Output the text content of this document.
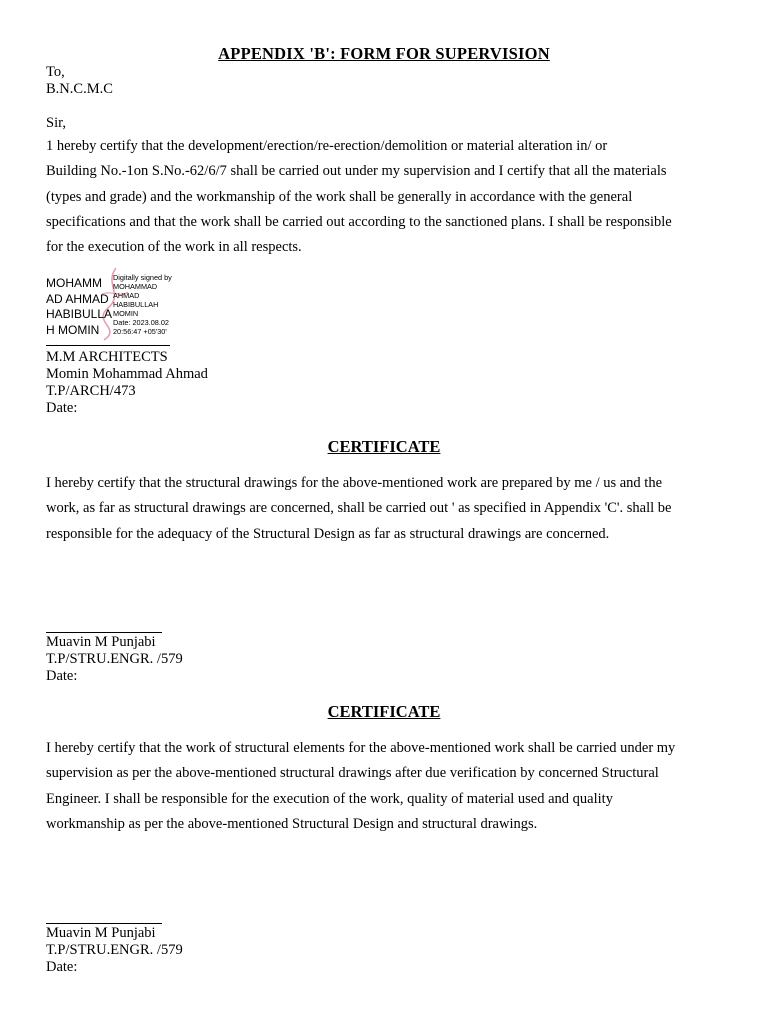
APPENDIX 'B': FORM FOR SUPERVISION
To,
B.N.C.M.C
Sir,
1 hereby certify that the development/erection/re-erection/demolition or material alteration in/ or
Building No.-1on S.No.-62/6/7 shall be carried out under my supervision and I certify that all the materials
(types and grade) and the workmanship of the work shall be generally in accordance with the general
specifications and that the work shall be carried out according to the sanctioned plans. I shall be responsible
for the execution of the work in all respects.
MOHAMM
AD AHMAD
HABIBULLA
H MOMIN
Digitally signed by
MOHAMMAD
AHMAD
HABIBULLAH
MOMIN
Date: 2023.08.02
20:56:47 +05'30'
M.M ARCHITECTS
Momin Mohammad Ahmad
T.P/ARCH/473
Date:
CERTIFICATE
I hereby certify that the structural drawings for the above-mentioned work are prepared by me / us and the
work, as far as structural drawings are concerned, shall be carried out ' as specified in Appendix 'C'. shall be
responsible for the adequacy of the Structural Design as far as structural drawings are concerned.
Muavin M Punjabi
T.P/STRU.ENGR. /579
Date:
CERTIFICATE
I hereby certify that the work of structural elements for the above-mentioned work shall be carried under my
supervision as per the above-mentioned structural drawings after due verification by concerned Structural
Engineer. I shall be responsible for the execution of the work, quality of material used and quality
workmanship as per the above-mentioned Structural Design and structural drawings.
Muavin M Punjabi
T.P/STRU.ENGR. /579
Date:
